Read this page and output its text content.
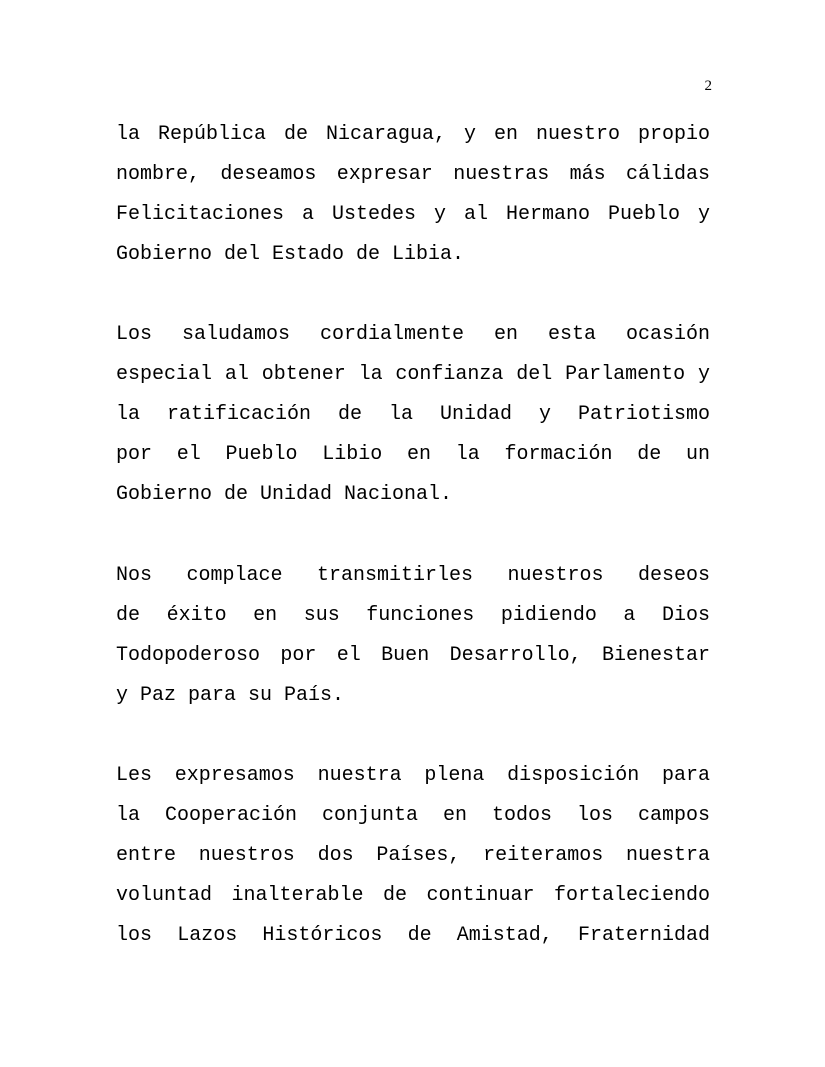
2
la República de Nicaragua, y en nuestro propio
nombre, deseamos expresar nuestras más cálidas
Felicitaciones a Ustedes y al Hermano Pueblo y
Gobierno del Estado de Libia.
Los saludamos cordialmente en esta ocasión
especial al obtener la confianza del Parlamento y
la ratificación de la Unidad y Patriotismo
por el Pueblo Libio en la formación de un
Gobierno de Unidad Nacional.
Nos complace transmitirles nuestros deseos
de éxito en sus funciones pidiendo a Dios
Todopoderoso por el Buen Desarrollo, Bienestar
y Paz para su País.
Les expresamos nuestra plena disposición para
la Cooperación conjunta en todos los campos
entre nuestros dos Países, reiteramos nuestra
voluntad inalterable de continuar fortaleciendo
los Lazos Históricos de Amistad, Fraternidad
